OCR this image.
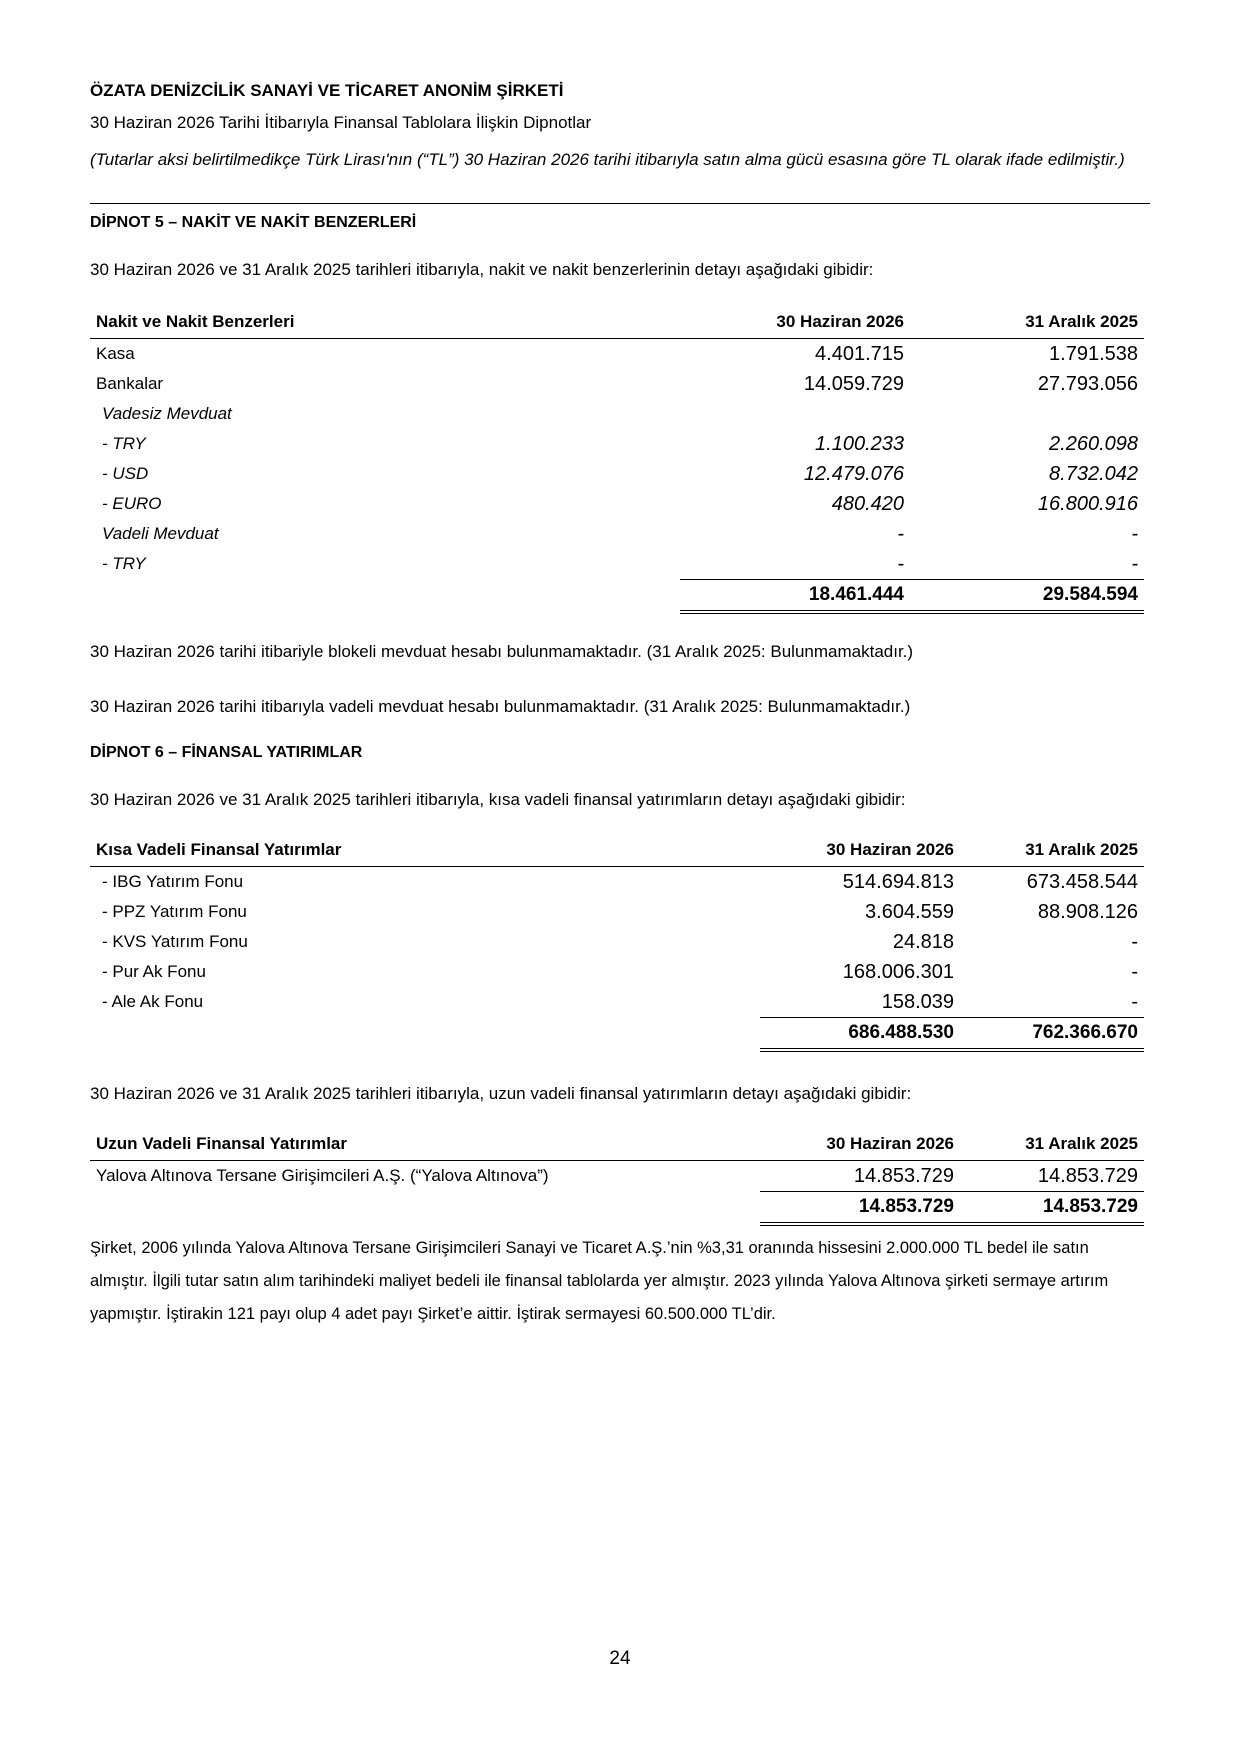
ÖZATA DENİZCİLİK SANAYİ VE TİCARET ANONİM ŞİRKETİ
30 Haziran 2026 Tarihi İtibarıyla Finansal Tablolara İlişkin Dipnotlar
(Tutarlar aksi belirtilmedikçe Türk Lirası'nın (“TL”) 30 Haziran 2026 tarihi itibarıyla satın alma gücü esasına göre TL olarak ifade edilmiştir.)
DİPNOT 5 – NAKİT VE NAKİT BENZERLERİ
30 Haziran 2026 ve 31 Aralık 2025 tarihleri itibarıyla, nakit ve nakit benzerlerinin detayı aşağıdaki gibidir:
Nakit ve Nakit Benzerleri	30 Haziran 2026	31 Aralık 2025
Kasa	4.401.715	1.791.538
Bankalar	14.059.729	27.793.056
Vadesiz Mevduat		
- TRY	1.100.233	2.260.098
- USD	12.479.076	8.732.042
- EURO	480.420	16.800.916
Vadeli Mevduat	-	-
- TRY	-	-
	18.461.444	29.584.594
30 Haziran 2026 tarihi itibariyle blokeli mevduat hesabı bulunmamaktadır. (31 Aralık 2025: Bulunmamaktadır.)
30 Haziran 2026 tarihi itibarıyla vadeli mevduat hesabı bulunmamaktadır. (31 Aralık 2025: Bulunmamaktadır.)
DİPNOT 6 – FİNANSAL YATIRIMLAR
30 Haziran 2026 ve 31 Aralık 2025 tarihleri itibarıyla, kısa vadeli finansal yatırımların detayı aşağıdaki gibidir:
Kısa Vadeli Finansal Yatırımlar	30 Haziran 2026	31 Aralık 2025
- IBG Yatırım Fonu	514.694.813	673.458.544
- PPZ Yatırım Fonu	3.604.559	88.908.126
- KVS Yatırım Fonu	24.818	-
- Pur Ak Fonu	168.006.301	-
- Ale Ak Fonu	158.039	-
	686.488.530	762.366.670
30 Haziran 2026 ve 31 Aralık 2025 tarihleri itibarıyla, uzun vadeli finansal yatırımların detayı aşağıdaki gibidir:
Uzun Vadeli Finansal Yatırımlar	30 Haziran 2026	31 Aralık 2025
Yalova Altınova Tersane Girişimcileri A.Ş. (“Yalova Altınova”)	14.853.729	14.853.729
	14.853.729	14.853.729
Şirket, 2006 yılında Yalova Altınova Tersane Girişimcileri Sanayi ve Ticaret A.Ş.’nin %3,31 oranında hissesini 2.000.000 TL bedel ile satın almıştır. İlgili tutar satın alım tarihindeki maliyet bedeli ile finansal tablolarda yer almıştır. 2023 yılında Yalova Altınova şirketi sermaye artırım yapmıştır. İştirakin 121 payı olup 4 adet payı Şirket’e aittir. İştirak sermayesi 60.500.000 TL’dir.
24
